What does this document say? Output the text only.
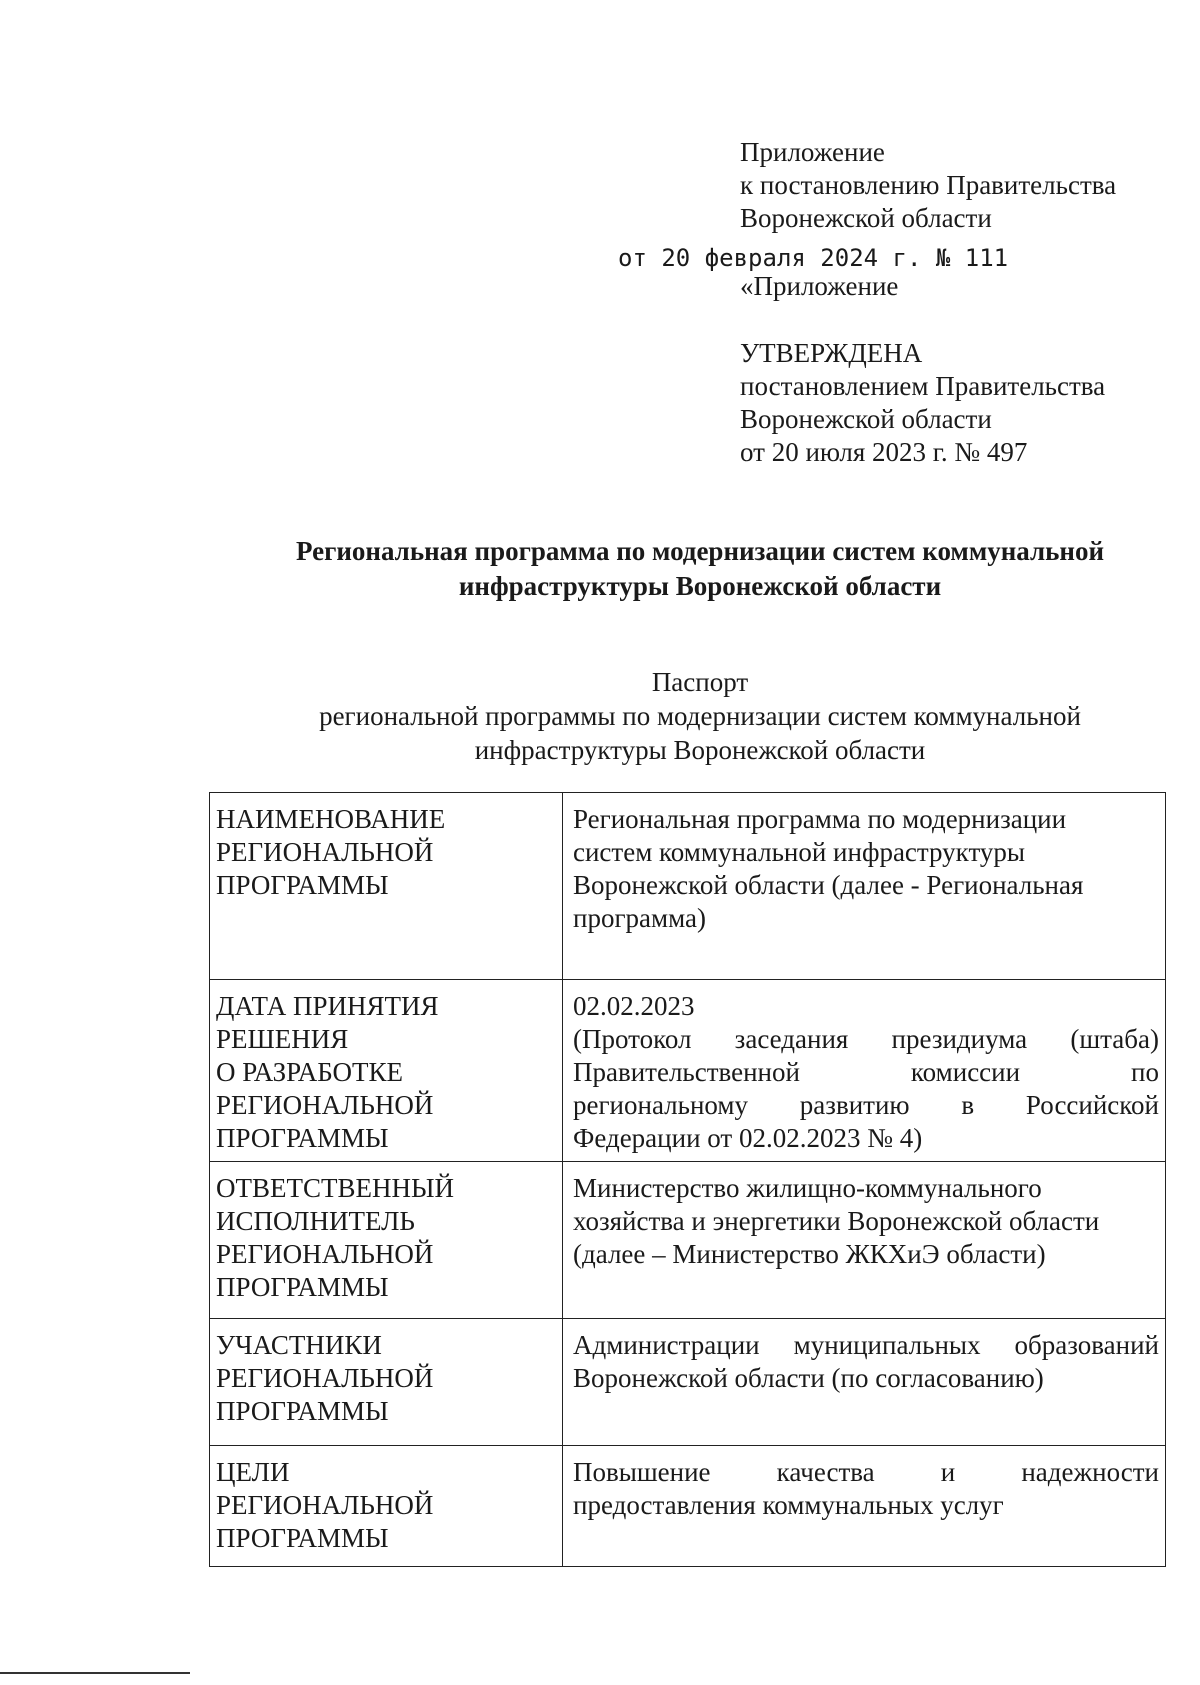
Приложение
к постановлению Правительства
Воронежской области
от 20 февраля 2024 г. № 111
«Приложение
УТВЕРЖДЕНА
постановлением Правительства
Воронежской области
от 20 июля 2023 г. № 497
Региональная программа по модернизации систем коммунальной
инфраструктуры Воронежской области
Паспорт
региональной программы по модернизации систем коммунальной
инфраструктуры Воронежской области
НАИМЕНОВАНИЕ
РЕГИОНАЛЬНОЙ
ПРОГРАММЫ	Региональная программа по модернизации
систем коммунальной инфраструктуры
Воронежской области (далее - Региональная
программа)

ДАТА ПРИНЯТИЯ
РЕШЕНИЯ
О РАЗРАБОТКЕ
РЕГИОНАЛЬНОЙ
ПРОГРАММЫ	02.02.2023
(Протокол заседания президиума (штаба)
Правительственной комиссии по
региональному развитию в Российской
Федерации от 02.02.2023 № 4)

ОТВЕТСТВЕННЫЙ
ИСПОЛНИТЕЛЬ
РЕГИОНАЛЬНОЙ
ПРОГРАММЫ	Министерство жилищно-коммунального
хозяйства и энергетики Воронежской области
(далее – Министерство ЖКХиЭ области)

УЧАСТНИКИ
РЕГИОНАЛЬНОЙ
ПРОГРАММЫ	Администрации муниципальных образований
Воронежской области (по согласованию)

ЦЕЛИ
РЕГИОНАЛЬНОЙ
ПРОГРАММЫ	Повышение качества и надежности
предоставления коммунальных услуг
